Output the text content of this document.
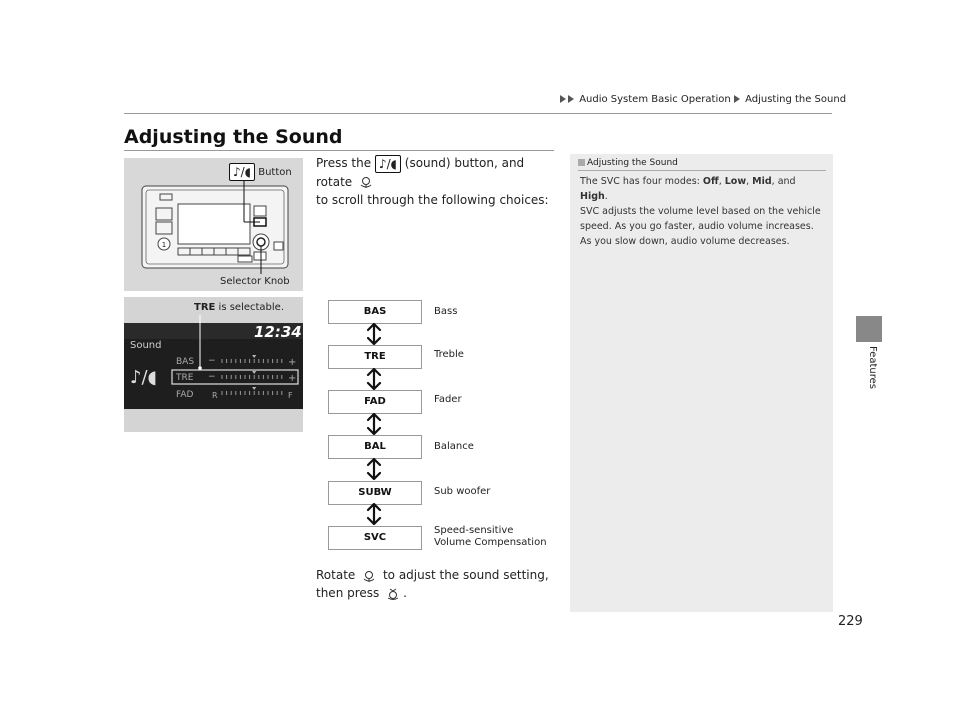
Audio System Basic Operation Adjusting the Sound
Adjusting the Sound
Features
1
♪/◖ Button
Selector Knob
TRE is selectable.
12:34
Sound
♪/◖
BAS
TRE
FAD
−	+
−	+
R	F
Press the ♪/◖ (sound) button, and rotate
to scroll through the following choices:
BAS	Bass
TRE	Treble
FAD	Fader
BAL	Balance
SUBW	Sub woofer
SVC
Speed-sensitive
Volume Compensation
Rotate to adjust the sound setting, then press .
Adjusting the Sound
The SVC has four modes: Off, Low, Mid, and High.
SVC adjusts the volume level based on the vehicle speed. As you go faster, audio volume increases. As you slow down, audio volume decreases.
229
